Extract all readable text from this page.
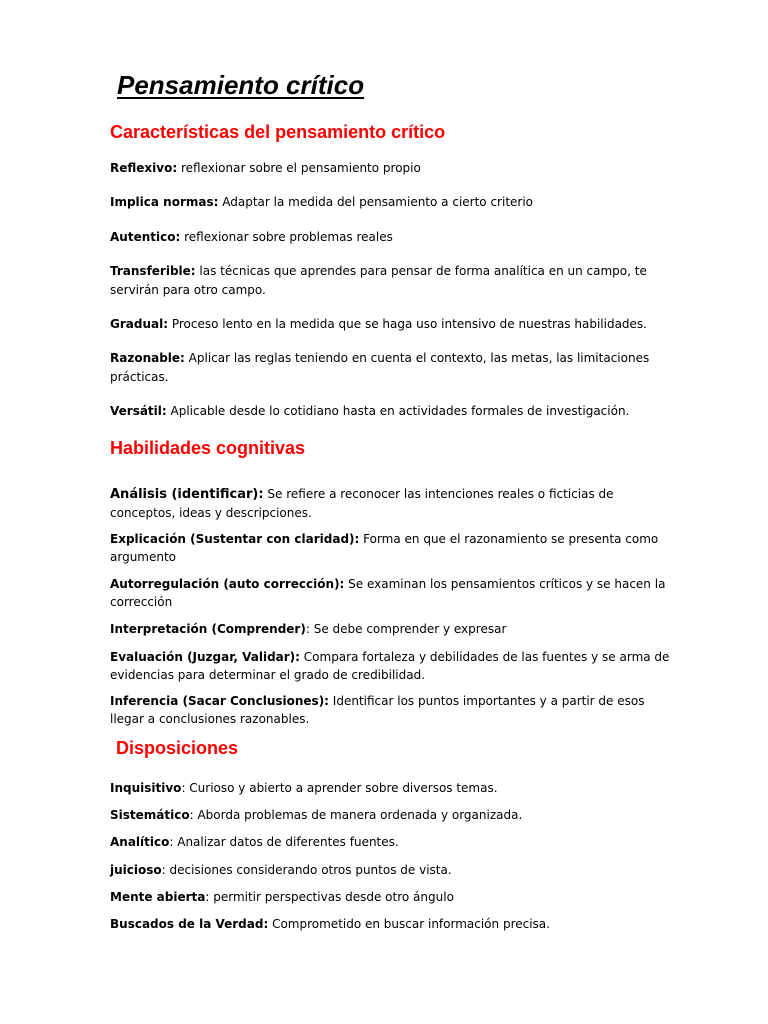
Pensamiento crítico
Características del pensamiento crítico

Reflexivo: reflexionar sobre el pensamiento propio

Implica normas: Adaptar la medida del pensamiento a cierto criterio

Autentico: reflexionar sobre problemas reales

Transferible: las técnicas que aprendes para pensar de forma analítica en un campo, te servirán para otro campo.

Gradual: Proceso lento en la medida que se haga uso intensivo de nuestras habilidades.

Razonable: Aplicar las reglas teniendo en cuenta el contexto, las metas, las limitaciones prácticas.

Versátil: Aplicable desde lo cotidiano hasta en actividades formales de investigación.

Habilidades cognitivas

Análisis (identificar): Se refiere a reconocer las intenciones reales o ficticias de conceptos, ideas y descripciones.

Explicación (Sustentar con claridad): Forma en que el razonamiento se presenta como argumento

Autorregulación (auto corrección): Se examinan los pensamientos críticos y se hacen la corrección

Interpretación (Comprender): Se debe comprender y expresar

Evaluación (Juzgar, Validar): Compara fortaleza y debilidades de las fuentes y se arma de evidencias para determinar el grado de credibilidad.

Inferencia (Sacar Conclusiones): Identificar los puntos importantes y a partir de esos llegar a conclusiones razonables.

Disposiciones

Inquisitivo: Curioso y abierto a aprender sobre diversos temas.

Sistemático: Aborda problemas de manera ordenada y organizada.

Analítico: Analizar datos de diferentes fuentes.

juicioso: decisiones considerando otros puntos de vista.

Mente abierta: permitir perspectivas desde otro ángulo

Buscados de la Verdad: Comprometido en buscar información precisa.
